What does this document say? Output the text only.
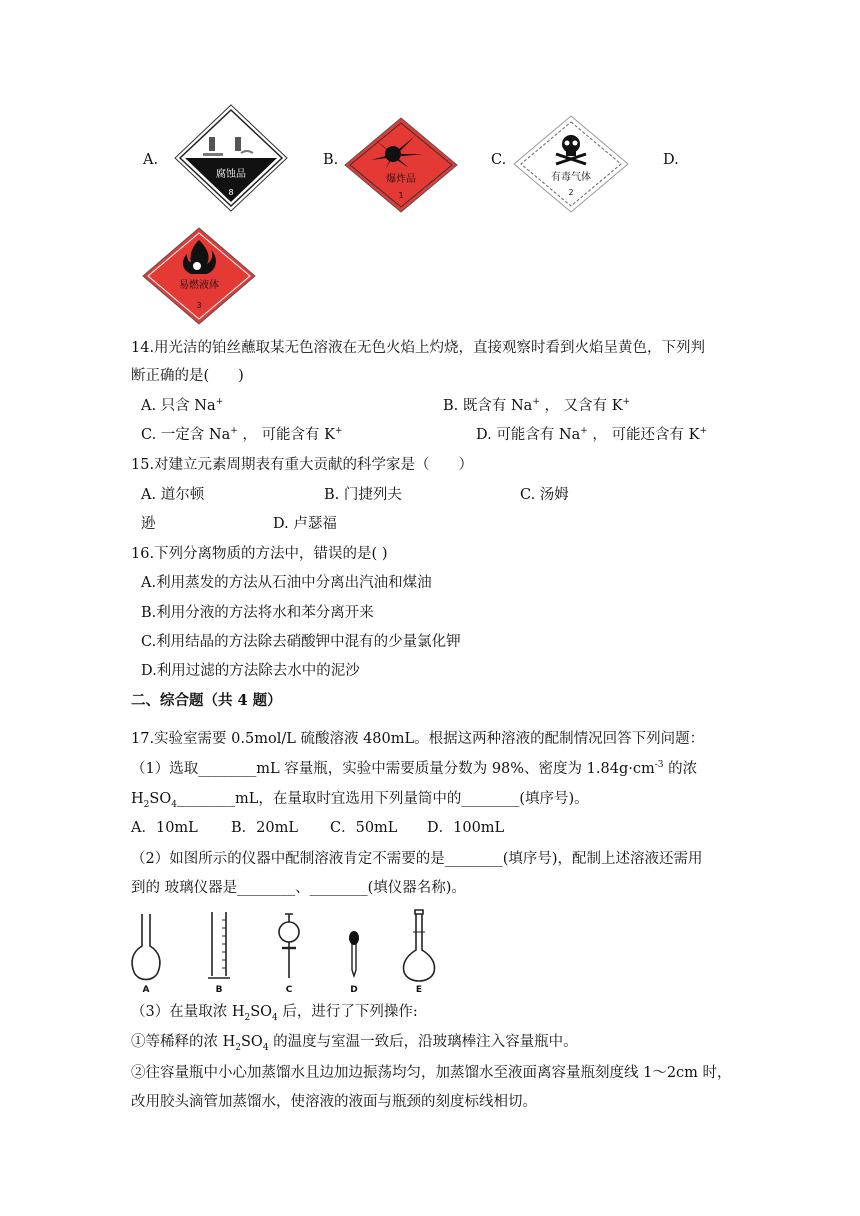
A.
腐蚀品
8
B.
爆炸品
1
C.
有毒气体
2
D.
易燃液体
3
14.用光洁的铂丝蘸取某无色溶液在无色火焰上灼烧，直接观察时看到火焰呈黄色，下列判
断正确的是(　　)
A. 只含 Na+	B. 既含有 Na+ ， 又含有 K+
C. 一定含 Na+ ， 可能含有 K+	D. 可能含有 Na+ ， 可能还含有 K+
15.对建立元素周期表有重大贡献的科学家是（　　）
A. 道尔顿	B. 门捷列夫	C. 汤姆
逊	D. 卢瑟福
16.下列分离物质的方法中，错误的是( )
A.利用蒸发的方法从石油中分离出汽油和煤油
B.利用分液的方法将水和苯分离开来
C.利用结晶的方法除去硝酸钾中混有的少量氯化钾
D.利用过滤的方法除去水中的泥沙
二、综合题（共 4 题）
17.实验室需要 0.5mol/L 硫酸溶液 480mL。根据这两种溶液的配制情况回答下列问题：
（1）选取________mL 容量瓶，实验中需要质量分数为 98%、密度为 $1.84g\cdot cm^{-3}$ 的浓
$H_2SO_4\_\_\_\_\_\_\_\_mL$，在量取时宜选用下列量筒中的________(填序号)。
A．10mL B．20mL C．50mL D．100mL
（2）如图所示的仪器中配制溶液肯定不需要的是________(填序号)，配制上述溶液还需用
到的 玻璃仪器是________、________(填仪器名称)。
A	B	C	D	E
（3）在量取浓 $H_2SO_4$ 后，进行了下列操作:
①等稀释的浓 $H_2SO_4$ 的温度与室温一致后，沿玻璃棒注入容量瓶中。
②往容量瓶中小心加蒸馏水且边加边振荡均匀，加蒸馏水至液面离容量瓶刻度线 1～2cm 时，
改用胶头滴管加蒸馏水，使溶液的液面与瓶颈的刻度标线相切。
